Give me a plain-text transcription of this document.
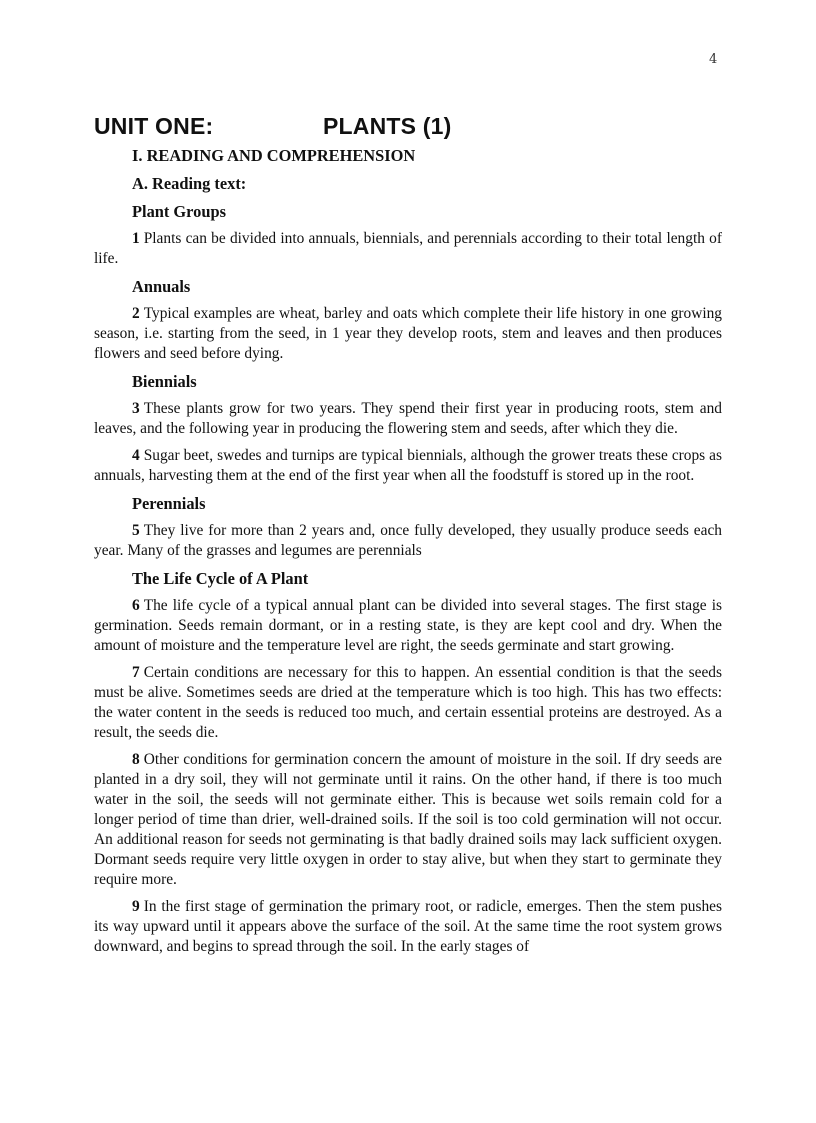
4
UNIT ONE:	PLANTS (1)
I. READING AND COMPREHENSION
A. Reading text:
Plant Groups

1 Plants can be divided into annuals, biennials, and perennials according to their total length of life.

Annuals

2 Typical examples are wheat, barley and oats which complete their life history in one growing season, i.e. starting from the seed, in 1 year they develop roots, stem and leaves and then produces flowers and seed before dying.

Biennials

3 These plants grow for two years. They spend their first year in producing roots, stem and leaves, and the following year in producing the flowering stem and seeds, after which they die.

4 Sugar beet, swedes and turnips are typical biennials, although the grower treats these crops as annuals, harvesting them at the end of the first year when all the foodstuff is stored up in the root.

Perennials

5 They live for more than 2 years and, once fully developed, they usually produce seeds each year. Many of the grasses and legumes are perennials

The Life Cycle of A Plant

6 The life cycle of a typical annual plant can be divided into several stages. The first stage is germination. Seeds remain dormant, or in a resting state, is they are kept cool and dry. When the amount of moisture and the temperature level are right, the seeds germinate and start growing.

7 Certain conditions are necessary for this to happen. An essential condition is that the seeds must be alive. Sometimes seeds are dried at the temperature which is too high. This has two effects: the water content in the seeds is reduced too much, and certain essential proteins are destroyed. As a result, the seeds die.

8 Other conditions for germination concern the amount of moisture in the soil. If dry seeds are planted in a dry soil, they will not germinate until it rains. On the other hand, if there is too much water in the soil, the seeds will not germinate either. This is because wet soils remain cold for a longer period of time than drier, well-drained soils. If the soil is too cold germination will not occur. An additional reason for seeds not germinating is that badly drained soils may lack sufficient oxygen. Dormant seeds require very little oxygen in order to stay alive, but when they start to germinate they require more.

9 In the first stage of germination the primary root, or radicle, emerges. Then the stem pushes its way upward until it appears above the surface of the soil. At the same time the root system grows downward, and begins to spread through the soil. In the early stages of
